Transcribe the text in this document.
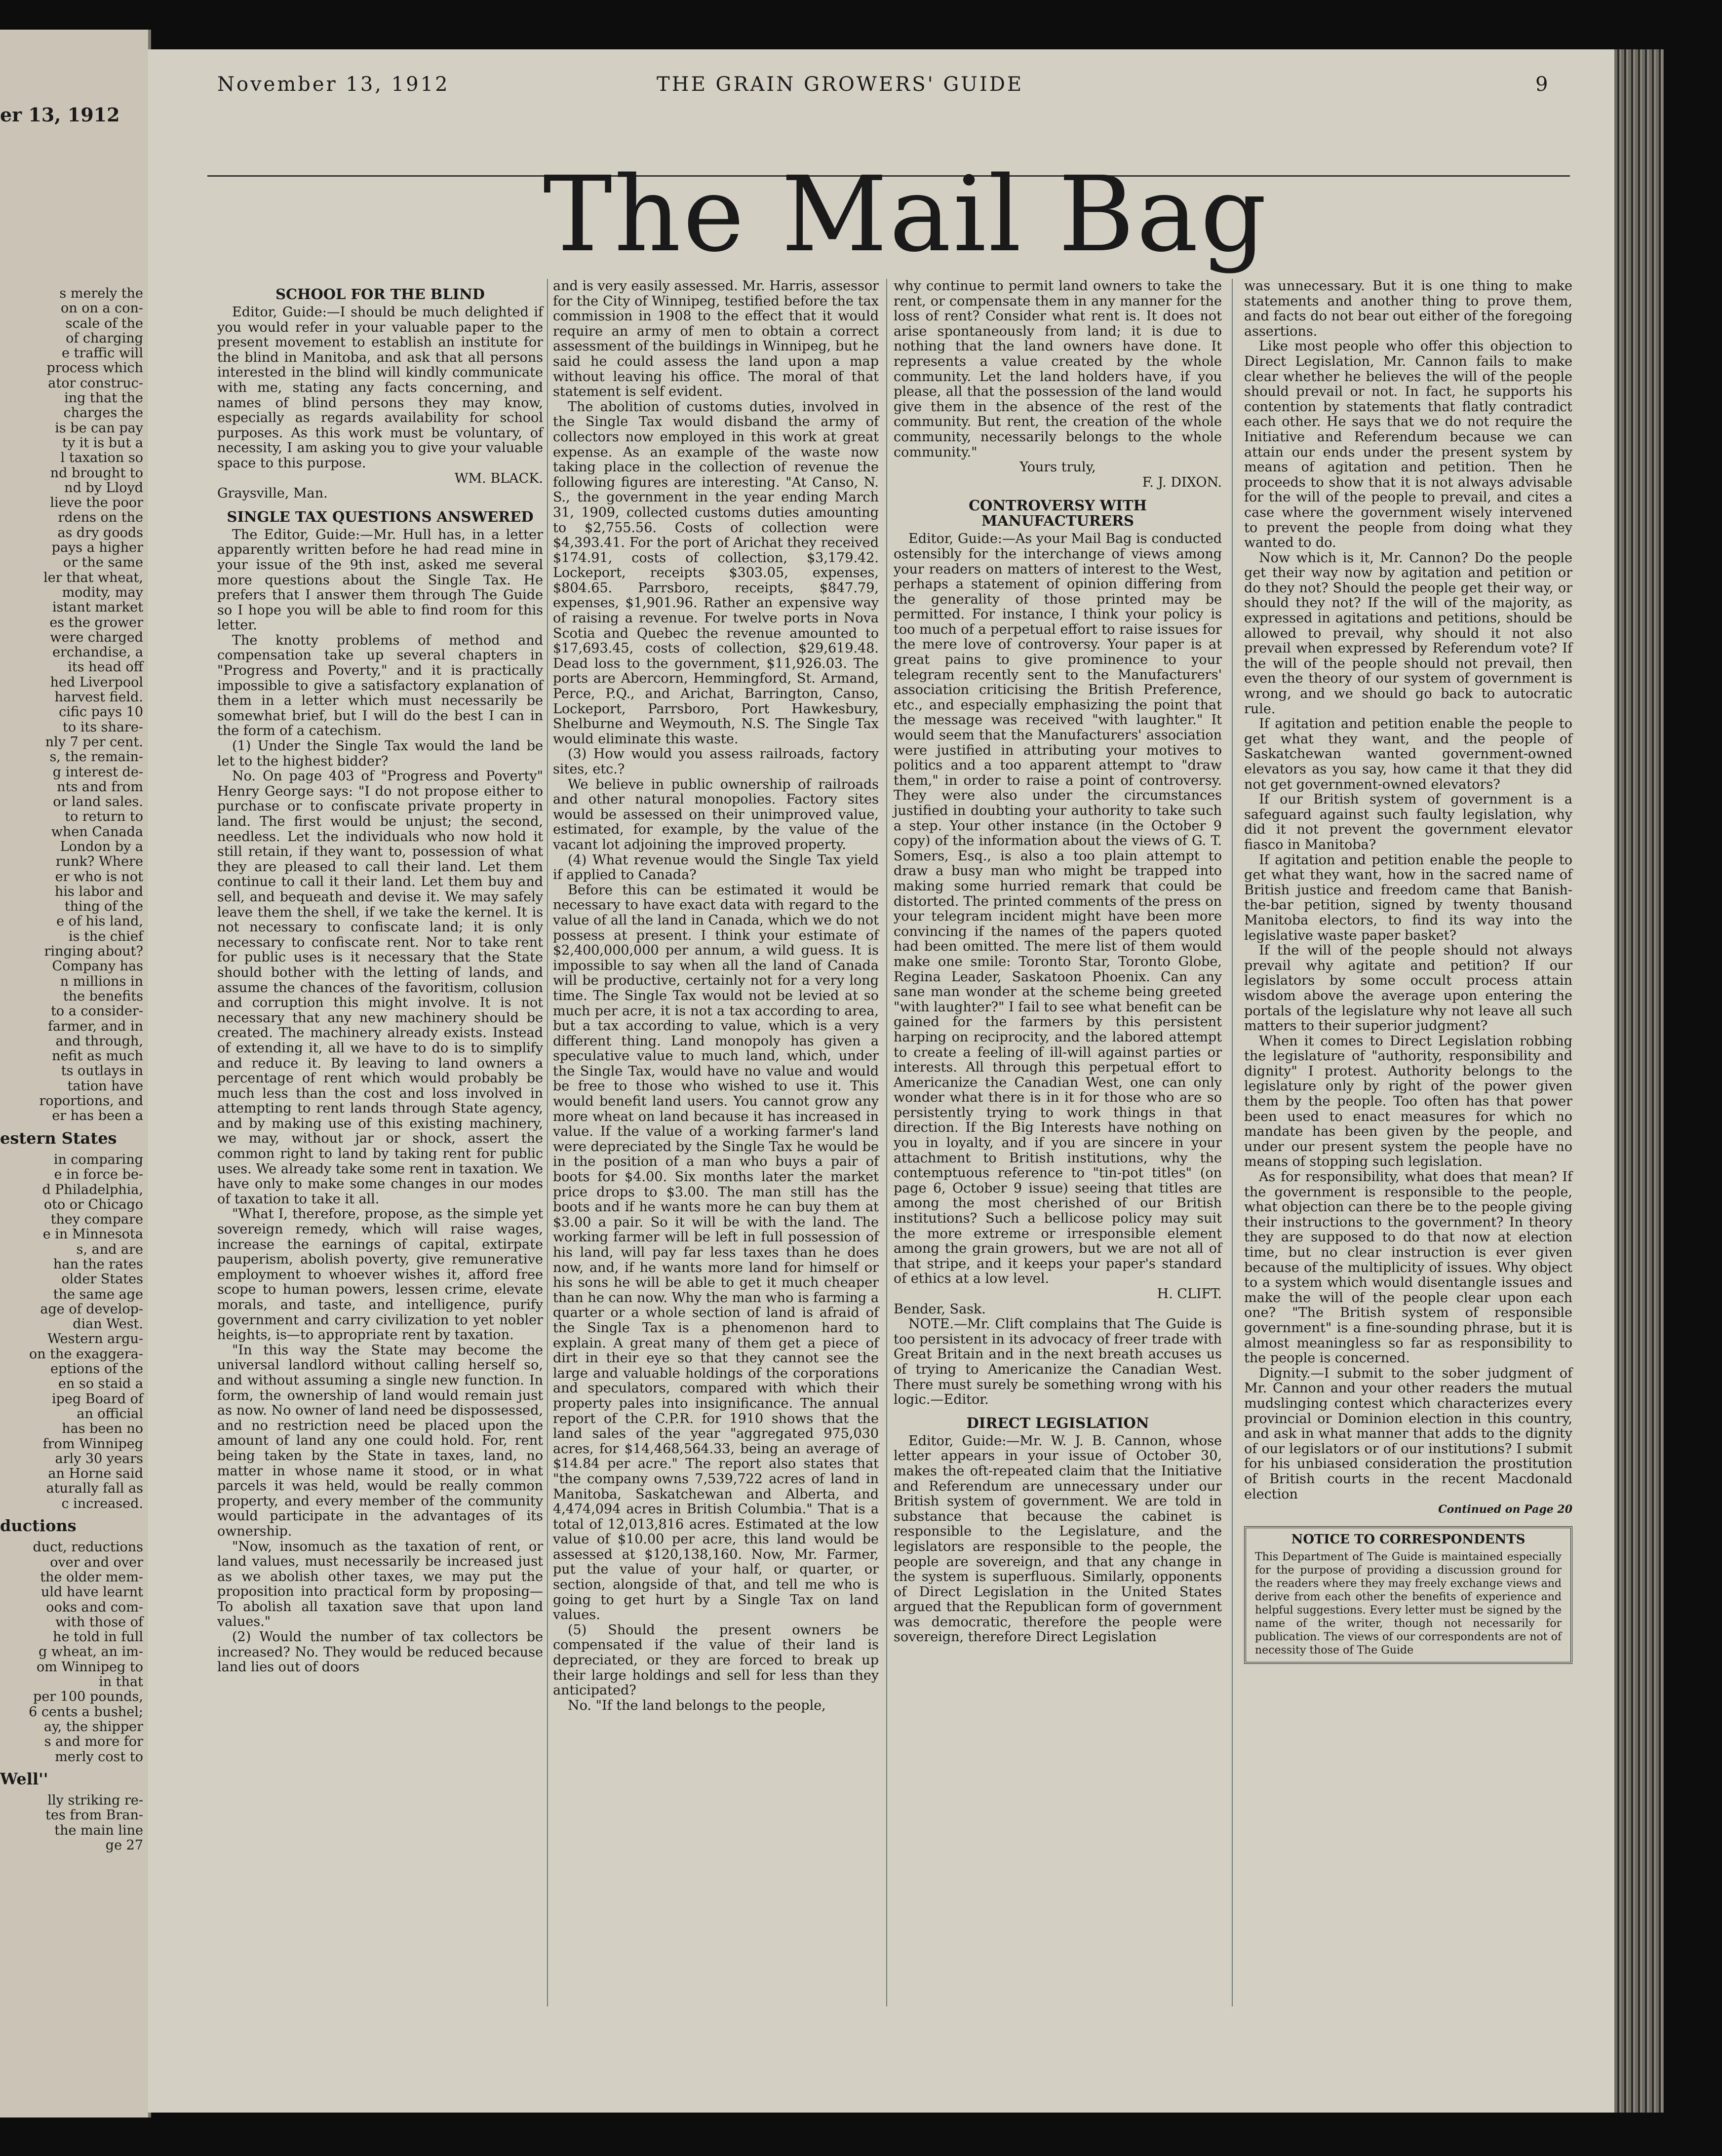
er 13, 1912
s merely the
on on a con-
scale of the
of charging
e traffic will
process which
ator construc-
ing that the
charges the
is be can pay
ty it is but a
l taxation so
nd brought to
nd by Lloyd
lieve the poor
rdens on the
as dry goods
pays a higher
or the same
ler that wheat,
modity, may
istant market
es the grower
were charged
erchandise, a
its head off
hed Liverpool
harvest field.
cific pays 10
to its share-
nly 7 per cent.
s, the remain-
g interest de-
nts and from
or land sales.
to return to
when Canada
London by a
runk? Where
er who is not
his labor and
thing of the
e of his land,
is the chief
ringing about?
Company has
n millions in
the benefits
to a consider-
farmer, and in
and through,
nefit as much
ts outlays in
tation have
roportions, and
er has been a
estern States
in comparing
e in force be-
d Philadelphia,
oto or Chicago
they compare
e in Minnesota
s, and are
han the rates
older States
the same age
age of develop-
dian West.
Western argu-
on the exaggera-
eptions of the
en so staid a
ipeg Board of
an official
has been no
from Winnipeg
arly 30 years
an Horne said
aturally fall as
c increased.
ductions
duct, reductions
over and over
the older mem-
uld have learnt
ooks and com-
with those of
he told in full
g wheat, an im-
om Winnipeg to
in that
per 100 pounds,
6 cents a bushel;
ay, the shipper
s and more for
merly cost to
Well''
lly striking re-
tes from Bran-
the main line
ge 27
November 13, 1912	THE GRAIN GROWERS' GUIDE	9
The Mail Bag
SCHOOL FOR THE BLIND

Editor, Guide:—I should be much delighted if you would refer in your valuable paper to the present movement to establish an institute for the blind in Manitoba, and ask that all persons interested in the blind will kindly communicate with me, stating any facts concerning, and names of blind persons they may know, especially as regards availability for school purposes. As this work must be voluntary, of necessity, I am asking you to give your valuable space to this purpose.

WM. BLACK.

Graysville, Man.

SINGLE TAX QUESTIONS ANSWERED

The Editor, Guide:—Mr. Hull has, in a letter apparently written before he had read mine in your issue of the 9th inst, asked me several more questions about the Single Tax. He prefers that I answer them through The Guide so I hope you will be able to find room for this letter.

The knotty problems of method and compensation take up several chapters in "Progress and Poverty," and it is practically impossible to give a satisfactory explanation of them in a letter which must necessarily be somewhat brief, but I will do the best I can in the form of a catechism.

(1) Under the Single Tax would the land be let to the highest bidder?

No. On page 403 of "Progress and Poverty" Henry George says: "I do not propose either to purchase or to confiscate private property in land. The first would be unjust; the second, needless. Let the individuals who now hold it still retain, if they want to, possession of what they are pleased to call their land. Let them continue to call it their land. Let them buy and sell, and bequeath and devise it. We may safely leave them the shell, if we take the kernel. It is not necessary to confiscate land; it is only necessary to confiscate rent. Nor to take rent for public uses is it necessary that the State should bother with the letting of lands, and assume the chances of the favoritism, collusion and corruption this might involve. It is not necessary that any new machinery should be created. The machinery already exists. Instead of extending it, all we have to do is to simplify and reduce it. By leaving to land owners a percentage of rent which would probably be much less than the cost and loss involved in attempting to rent lands through State agency, and by making use of this existing machinery, we may, without jar or shock, assert the common right to land by taking rent for public uses. We already take some rent in taxation. We have only to make some changes in our modes of taxation to take it all.

"What I, therefore, propose, as the simple yet sovereign remedy, which will raise wages, increase the earnings of capital, extirpate pauperism, abolish poverty, give remunerative employment to whoever wishes it, afford free scope to human powers, lessen crime, elevate morals, and taste, and intelligence, purify government and carry civilization to yet nobler heights, is—to appropriate rent by taxation.

"In this way the State may become the universal landlord without calling herself so, and without assuming a single new function. In form, the ownership of land would remain just as now. No owner of land need be dispossessed, and no restriction need be placed upon the amount of land any one could hold. For, rent being taken by the State in taxes, land, no matter in whose name it stood, or in what parcels it was held, would be really common property, and every member of the community would participate in the advantages of its ownership.

"Now, insomuch as the taxation of rent, or land values, must necessarily be increased just as we abolish other taxes, we may put the proposition into practical form by proposing—To abolish all taxation save that upon land values."

(2) Would the number of tax collectors be increased? No. They would be reduced because land lies out of doors

and is very easily assessed. Mr. Harris, assessor for the City of Winnipeg, testified before the tax commission in 1908 to the effect that it would require an army of men to obtain a correct assessment of the buildings in Winnipeg, but he said he could assess the land upon a map without leaving his office. The moral of that statement is self evident.

The abolition of customs duties, involved in the Single Tax would disband the army of collectors now employed in this work at great expense. As an example of the waste now taking place in the collection of revenue the following figures are interesting. "At Canso, N. S., the government in the year ending March 31, 1909, collected customs duties amounting to $2,755.56. Costs of collection were $4,393.41. For the port of Arichat they received $174.91, costs of collection, $3,179.42. Lockeport, receipts $303.05, expenses, $804.65. Parrsboro, receipts, $847.79, expenses, $1,901.96. Rather an expensive way of raising a revenue. For twelve ports in Nova Scotia and Quebec the revenue amounted to $17,693.45, costs of collection, $29,619.48. Dead loss to the government, $11,926.03. The ports are Abercorn, Hemmingford, St. Armand, Perce, P.Q., and Arichat, Barrington, Canso, Lockeport, Parrsboro, Port Hawkesbury, Shelburne and Weymouth, N.S. The Single Tax would eliminate this waste.

(3) How would you assess railroads, factory sites, etc.?

We believe in public ownership of railroads and other natural monopolies. Factory sites would be assessed on their unimproved value, estimated, for example, by the value of the vacant lot adjoining the improved property.

(4) What revenue would the Single Tax yield if applied to Canada?

Before this can be estimated it would be necessary to have exact data with regard to the value of all the land in Canada, which we do not possess at present. I think your estimate of $2,400,000,000 per annum, a wild guess. It is impossible to say when all the land of Canada will be productive, certainly not for a very long time. The Single Tax would not be levied at so much per acre, it is not a tax according to area, but a tax according to value, which is a very different thing. Land monopoly has given a speculative value to much land, which, under the Single Tax, would have no value and would be free to those who wished to use it. This would benefit land users. You cannot grow any more wheat on land because it has increased in value. If the value of a working farmer's land were depreciated by the Single Tax he would be in the position of a man who buys a pair of boots for $4.00. Six months later the market price drops to $3.00. The man still has the boots and if he wants more he can buy them at $3.00 a pair. So it will be with the land. The working farmer will be left in full possession of his land, will pay far less taxes than he does now, and, if he wants more land for himself or his sons he will be able to get it much cheaper than he can now. Why the man who is farming a quarter or a whole section of land is afraid of the Single Tax is a phenomenon hard to explain. A great many of them get a piece of dirt in their eye so that they cannot see the large and valuable holdings of the corporations and speculators, compared with which their property pales into insignificance. The annual report of the C.P.R. for 1910 shows that the land sales of the year "aggregated 975,030 acres, for $14,468,564.33, being an average of $14.84 per acre." The report also states that "the company owns 7,539,722 acres of land in Manitoba, Saskatchewan and Alberta, and 4,474,094 acres in British Columbia." That is a total of 12,013,816 acres. Estimated at the low value of $10.00 per acre, this land would be assessed at $120,138,160. Now, Mr. Farmer, put the value of your half, or quarter, or section, alongside of that, and tell me who is going to get hurt by a Single Tax on land values.

(5) Should the present owners be compensated if the value of their land is depreciated, or they are forced to break up their large holdings and sell for less than they anticipated?

No. "If the land belongs to the people,

why continue to permit land owners to take the rent, or compensate them in any manner for the loss of rent? Consider what rent is. It does not arise spontaneously from land; it is due to nothing that the land owners have done. It represents a value created by the whole community. Let the land holders have, if you please, all that the possession of the land would give them in the absence of the rest of the community. But rent, the creation of the whole community, necessarily belongs to the whole community."

Yours truly,

F. J. DIXON.

CONTROVERSY WITH MANUFACTURERS

Editor, Guide:—As your Mail Bag is conducted ostensibly for the interchange of views among your readers on matters of interest to the West, perhaps a statement of opinion differing from the generality of those printed may be permitted. For instance, I think your policy is too much of a perpetual effort to raise issues for the mere love of controversy. Your paper is at great pains to give prominence to your telegram recently sent to the Manufacturers' association criticising the British Preference, etc., and especially emphasizing the point that the message was received "with laughter." It would seem that the Manufacturers' association were justified in attributing your motives to politics and a too apparent attempt to "draw them," in order to raise a point of controversy. They were also under the circumstances justified in doubting your authority to take such a step. Your other instance (in the October 9 copy) of the information about the views of G. T. Somers, Esq., is also a too plain attempt to draw a busy man who might be trapped into making some hurried remark that could be distorted. The printed comments of the press on your telegram incident might have been more convincing if the names of the papers quoted had been omitted. The mere list of them would make one smile: Toronto Star, Toronto Globe, Regina Leader, Saskatoon Phoenix. Can any sane man wonder at the scheme being greeted "with laughter?" I fail to see what benefit can be gained for the farmers by this persistent harping on reciprocity, and the labored attempt to create a feeling of ill-will against parties or interests. All through this perpetual effort to Americanize the Canadian West, one can only wonder what there is in it for those who are so persistently trying to work things in that direction. If the Big Interests have nothing on you in loyalty, and if you are sincere in your attachment to British institutions, why the contemptuous reference to "tin-pot titles" (on page 6, October 9 issue) seeing that titles are among the most cherished of our British institutions? Such a bellicose policy may suit the more extreme or irresponsible element among the grain growers, but we are not all of that stripe, and it keeps your paper's standard of ethics at a low level.

H. CLIFT.

Bender, Sask.

NOTE.—Mr. Clift complains that The Guide is too persistent in its advocacy of freer trade with Great Britain and in the next breath accuses us of trying to Americanize the Canadian West. There must surely be something wrong with his logic.—Editor.

DIRECT LEGISLATION

Editor, Guide:—Mr. W. J. B. Cannon, whose letter appears in your issue of October 30, makes the oft-repeated claim that the Initiative and Referendum are unnecessary under our British system of government. We are told in substance that because the cabinet is responsible to the Legislature, and the legislators are responsible to the people, the people are sovereign, and that any change in the system is superfluous. Similarly, opponents of Direct Legislation in the United States argued that the Republican form of government was democratic, therefore the people were sovereign, therefore Direct Legislation

was unnecessary. But it is one thing to make statements and another thing to prove them, and facts do not bear out either of the foregoing assertions.

Like most people who offer this objection to Direct Legislation, Mr. Cannon fails to make clear whether he believes the will of the people should prevail or not. In fact, he supports his contention by statements that flatly contradict each other. He says that we do not require the Initiative and Referendum because we can attain our ends under the present system by means of agitation and petition. Then he proceeds to show that it is not always advisable for the will of the people to prevail, and cites a case where the government wisely intervened to prevent the people from doing what they wanted to do.

Now which is it, Mr. Cannon? Do the people get their way now by agitation and petition or do they not? Should the people get their way, or should they not? If the will of the majority, as expressed in agitations and petitions, should be allowed to prevail, why should it not also prevail when expressed by Referendum vote? If the will of the people should not prevail, then even the theory of our system of government is wrong, and we should go back to autocratic rule.

If agitation and petition enable the people to get what they want, and the people of Saskatchewan wanted government-owned elevators as you say, how came it that they did not get government-owned elevators?

If our British system of government is a safeguard against such faulty legislation, why did it not prevent the government elevator fiasco in Manitoba?

If agitation and petition enable the people to get what they want, how in the sacred name of British justice and freedom came that Banish-the-bar petition, signed by twenty thousand Manitoba electors, to find its way into the legislative waste paper basket?

If the will of the people should not always prevail why agitate and petition? If our legislators by some occult process attain wisdom above the average upon entering the portals of the legislature why not leave all such matters to their superior judgment?

When it comes to Direct Legislation robbing the legislature of "authority, responsibility and dignity" I protest. Authority belongs to the legislature only by right of the power given them by the people. Too often has that power been used to enact measures for which no mandate has been given by the people, and under our present system the people have no means of stopping such legislation.

As for responsibility, what does that mean? If the government is responsible to the people, what objection can there be to the people giving their instructions to the government? In theory they are supposed to do that now at election time, but no clear instruction is ever given because of the multiplicity of issues. Why object to a system which would disentangle issues and make the will of the people clear upon each one? "The British system of responsible government" is a fine-sounding phrase, but it is almost meaningless so far as responsibility to the people is concerned.

Dignity.—I submit to the sober judgment of Mr. Cannon and your other readers the mutual mudslinging contest which characterizes every provincial or Dominion election in this country, and ask in what manner that adds to the dignity of our legislators or of our institutions? I submit for his unbiased consideration the prostitution of British courts in the recent Macdonald election

Continued on Page 20

NOTICE TO CORRESPONDENTS

This Department of The Guide is maintained especially for the purpose of providing a discussion ground for the readers where they may freely exchange views and derive from each other the benefits of experience and helpful suggestions. Every letter must be signed by the name of the writer, though not necessarily for publication. The views of our correspondents are not of necessity those of The Guide
